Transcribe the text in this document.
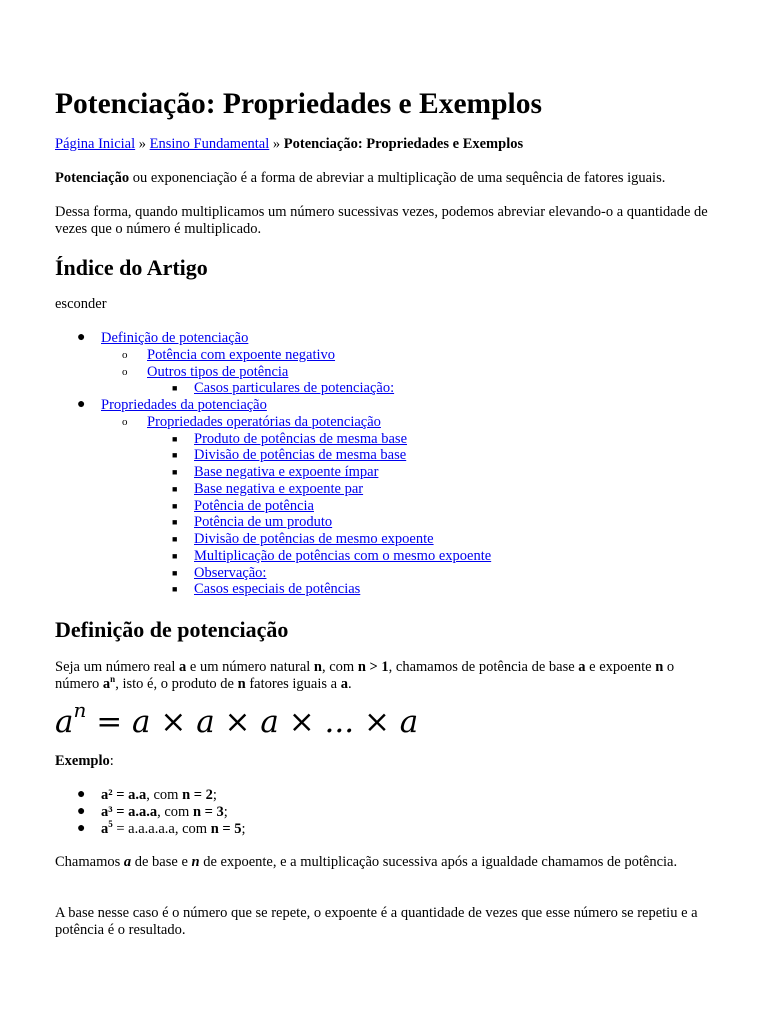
Potenciação: Propriedades e Exemplos
Página Inicial » Ensino Fundamental » Potenciação: Propriedades e Exemplos

Potenciação ou exponenciação é a forma de abreviar a multiplicação de uma sequência de fatores iguais.

Dessa forma, quando multiplicamos um número sucessivas vezes, podemos abreviar elevando-o a quantidade de vezes que o número é multiplicado.

Índice do Artigo

esconder

● Definição de potenciação
o Potência com expoente negativo
o Outros tipos de potência
■ Casos particulares de potenciação:
● Propriedades da potenciação
o Propriedades operatórias da potenciação
■ Produto de potências de mesma base
■ Divisão de potências de mesma base
■ Base negativa e expoente ímpar
■ Base negativa e expoente par
■ Potência de potência
■ Potência de um produto
■ Divisão de potências de mesmo expoente
■ Multiplicação de potências com o mesmo expoente
■ Observação:
■ Casos especiais de potências
Definição de potenciação

Seja um número real a e um número natural n, com n > 1, chamamos de potência de base a e expoente n o número $a^n$, isto é, o produto de n fatores iguais a a.

$a^n = a \times a \times a$ × ... × a

Exemplo:

● a² = a.a, com n = 2;
● a³ = a.a.a, com n = 3;
● $a^5 = a.a.a.a.a$, com n = 5;

Chamamos a de base e n de expoente, e a multiplicação sucessiva após a igualdade chamamos de potência.

A base nesse caso é o número que se repete, o expoente é a quantidade de vezes que esse número se repetiu e a potência é o resultado.
